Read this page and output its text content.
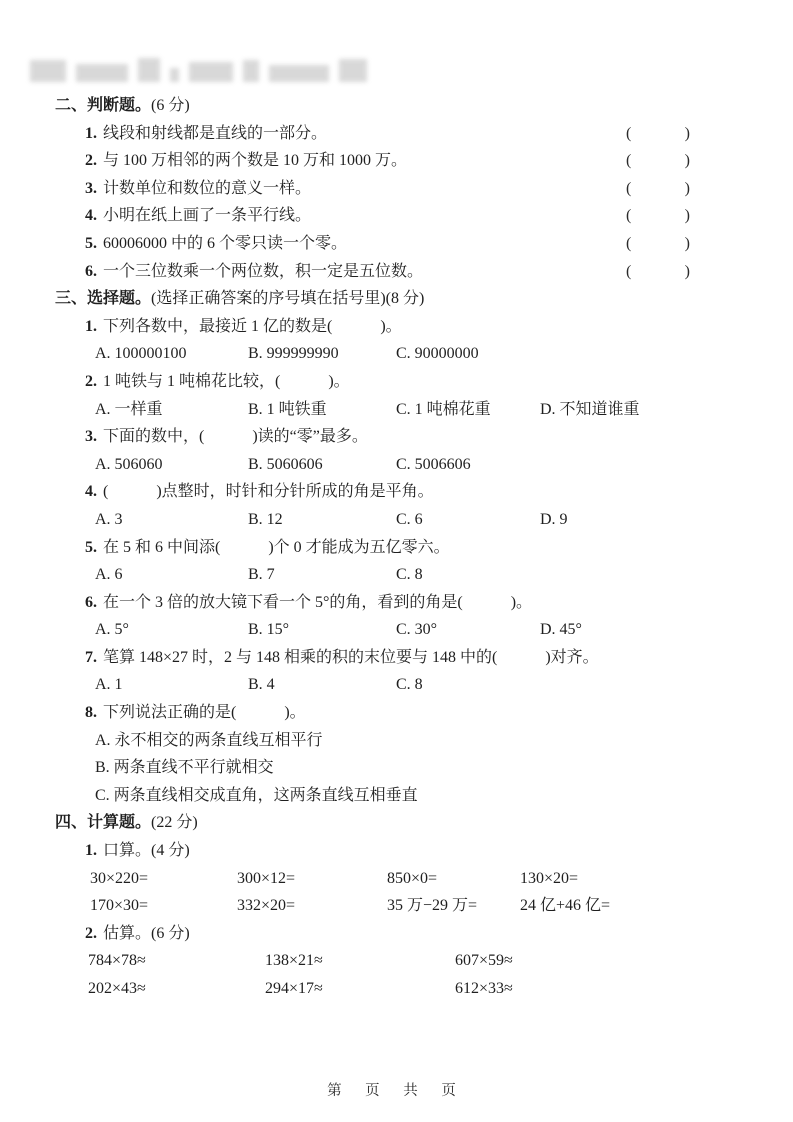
二、判断题。(6 分)
1. 线段和射线都是直线的一部分。	(	)
2. 与 100 万相邻的两个数是 10 万和 1000 万。	(	)
3. 计数单位和数位的意义一样。	(	)
4. 小明在纸上画了一条平行线。	(	)
5. 60006000 中的 6 个零只读一个零。	(	)
6. 一个三位数乘一个两位数，积一定是五位数。	(	)
三、选择题。(选择正确答案的序号填在括号里)(8 分)
1. 下列各数中，最接近 1 亿的数是(　　　)。
A. 100000100	B. 999999990	C. 90000000
2. 1 吨铁与 1 吨棉花比较，(　　　)。
A. 一样重	B. 1 吨铁重	C. 1 吨棉花重	D. 不知道谁重
3. 下面的数中，(　　　)读的“零”最多。
A. 506060	B. 5060606	C. 5006606
4. (　　　)点整时，时针和分针所成的角是平角。
A. 3	B. 12	C. 6	D. 9
5. 在 5 和 6 中间添(　　　)个 0 才能成为五亿零六。
A. 6	B. 7	C. 8
6. 在一个 3 倍的放大镜下看一个 5°的角，看到的角是(　　　)。
A. 5°	B. 15°	C. 30°	D. 45°
7. 笔算 148×27 时，2 与 148 相乘的积的末位要与 148 中的(　　　)对齐。
A. 1	B. 4	C. 8
8. 下列说法正确的是(　　　)。
A. 永不相交的两条直线互相平行
B. 两条直线不平行就相交
C. 两条直线相交成直角，这两条直线互相垂直
四、计算题。(22 分)
1. 口算。(4 分)
30×220=	300×12=	850×0=	130×20=
170×30=	332×20=	35 万−29 万=	24 亿+46 亿=
2. 估算。(6 分)
784×78≈	138×21≈	607×59≈
202×43≈	294×17≈	612×33≈
第 页 共 页
